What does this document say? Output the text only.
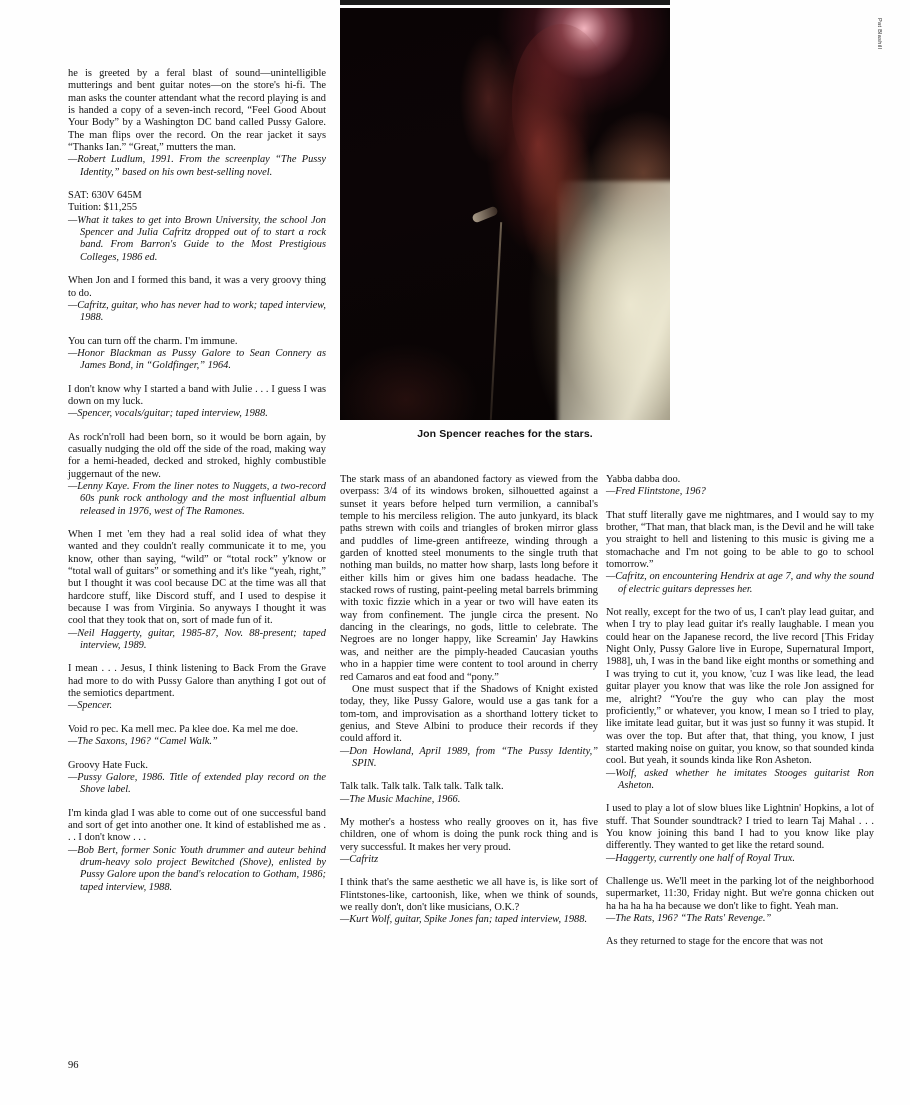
Jon Spencer reaches for the stars.
Pat Blashill

he is greeted by a feral blast of sound—unintelligible mutterings and bent guitar notes—on the store's hi-fi. The man asks the counter attendant what the record playing is and is handed a copy of a seven-inch record, “Feel Good About Your Body” by a Washington DC band called Pussy Galore. The man flips over the record. On the rear jacket it says “Thanks Ian.” “Great,” mutters the man.

—Robert Ludlum, 1991. From the screenplay “The Pussy Identity,” based on his own best-selling novel.

SAT: 630V 645M

Tuition: $11,255

—What it takes to get into Brown University, the school Jon Spencer and Julia Cafritz dropped out of to start a rock band. From Barron's Guide to the Most Prestigious Colleges, 1986 ed.

When Jon and I formed this band, it was a very groovy thing to do.

—Cafritz, guitar, who has never had to work; taped interview, 1988.

You can turn off the charm. I'm immune.

—Honor Blackman as Pussy Galore to Sean Connery as James Bond, in “Goldfinger,” 1964.

I don't know why I started a band with Julie . . . I guess I was down on my luck.

—Spencer, vocals/guitar; taped interview, 1988.

As rock'n'roll had been born, so it would be born again, by casually nudging the old off the side of the road, making way for a hemi-headed, decked and stroked, highly combustible juggernaut of the new.

—Lenny Kaye. From the liner notes to Nuggets, a two-record 60s punk rock anthology and the most influential album released in 1976, west of The Ramones.

When I met 'em they had a real solid idea of what they wanted and they couldn't really communicate it to me, you know, other than saying, “wild” or “total rock” y'know or “total wall of guitars” or something and it's like “yeah, right,” but I thought it was cool because DC at the time was all that hardcore stuff, like Discord stuff, and I used to despise it because I was from Virginia. So anyways I thought it was cool that they took that on, sort of made fun of it.

—Neil Haggerty, guitar, 1985-87, Nov. 88-present; taped interview, 1989.

I mean . . . Jesus, I think listening to Back From the Grave had more to do with Pussy Galore than anything I got out of the semiotics department.

—Spencer.

Void ro pec. Ka mell mec. Pa klee doe. Ka mel me doe.

—The Saxons, 196? “Camel Walk.”

Groovy Hate Fuck.

—Pussy Galore, 1986. Title of extended play record on the Shove label.

I'm kinda glad I was able to come out of one successful band and sort of get into another one. It kind of established me as . . . I don't know . . .

—Bob Bert, former Sonic Youth drummer and auteur behind drum-heavy solo project Bewitched (Shove), enlisted by Pussy Galore upon the band's relocation to Gotham, 1986; taped interview, 1988.

The stark mass of an abandoned factory as viewed from the overpass: 3/4 of its windows broken, silhouetted against a sunset it years before helped turn vermilion, a cannibal's temple to his merciless religion. The auto junkyard, its black paths strewn with coils and triangles of broken mirror glass and puddles of lime-green antifreeze, winding through a garden of knotted steel monuments to the single truth that nothing man builds, no matter how sharp, lasts long before it either kills him or gives him one badass headache. The stacked rows of rusting, paint-peeling metal barrels brimming with toxic fizzie which in a year or two will have eaten its way from confinement. The jungle circa the present. No dancing in the clearings, no gods, little to celebrate. The Negroes are no longer happy, like Screamin' Jay Hawkins was, and neither are the pimply-headed Caucasian youths who in a happier time were content to tool around in cherry red Camaros and eat food and “pony.”

One must suspect that if the Shadows of Knight existed today, they, like Pussy Galore, would use a gas tank for a tom-tom, and improvisation as a shorthand lottery ticket to genius, and Steve Albini to produce their records if they could afford it.

—Don Howland, April 1989, from “The Pussy Identity,” SPIN.

Talk talk. Talk talk. Talk talk. Talk talk.

—The Music Machine, 1966.

My mother's a hostess who really grooves on it, has five children, one of whom is doing the punk rock thing and is very successful. It makes her very proud.

—Cafritz

I think that's the same aesthetic we all have is, is like sort of Flintstones-like, cartoonish, like, when we think of sounds, we really don't, don't like musicians, O.K.?

—Kurt Wolf, guitar, Spike Jones fan; taped interview, 1988.

Yabba dabba doo.

—Fred Flintstone, 196?

That stuff literally gave me nightmares, and I would say to my brother, “That man, that black man, is the Devil and he will take you straight to hell and listening to this music is giving me a stomachache and I'm not going to be able to go to school tomorrow.”

—Cafritz, on encountering Hendrix at age 7, and why the sound of electric guitars depresses her.

Not really, except for the two of us, I can't play lead guitar, and when I try to play lead guitar it's really laughable. I mean you could hear on the Japanese record, the live record [This Friday Night Only, Pussy Galore live in Europe, Supernatural Import, 1988], uh, I was in the band like eight months or something and I was trying to cut it, you know, 'cuz I was like lead, the lead guitar player you know that was like the role Jon assigned for me, alright? “You're the guy who can play the most proficiently,” or whatever, you know, I mean so I tried to play, like imitate lead guitar, but it was just so funny it was stupid. It was over the top. But after that, that thing, you know, I just started making noise on guitar, you know, so that sounded kinda cool. But yeah, it sounds kinda like Ron Asheton.

—Wolf, asked whether he imitates Stooges guitarist Ron Asheton.

I used to play a lot of slow blues like Lightnin' Hopkins, a lot of stuff. That Sounder soundtrack? I tried to learn Taj Mahal . . . You know joining this band I had to you know like play differently. They wanted to get like the retard sound.

—Haggerty, currently one half of Royal Trux.

Challenge us. We'll meet in the parking lot of the neighborhood supermarket, 11:30, Friday night. But we're gonna chicken out ha ha ha ha ha because we don't like to fight. Yeah man.

—The Rats, 196? “The Rats' Revenge.”

As they returned to stage for the encore that was not

96
